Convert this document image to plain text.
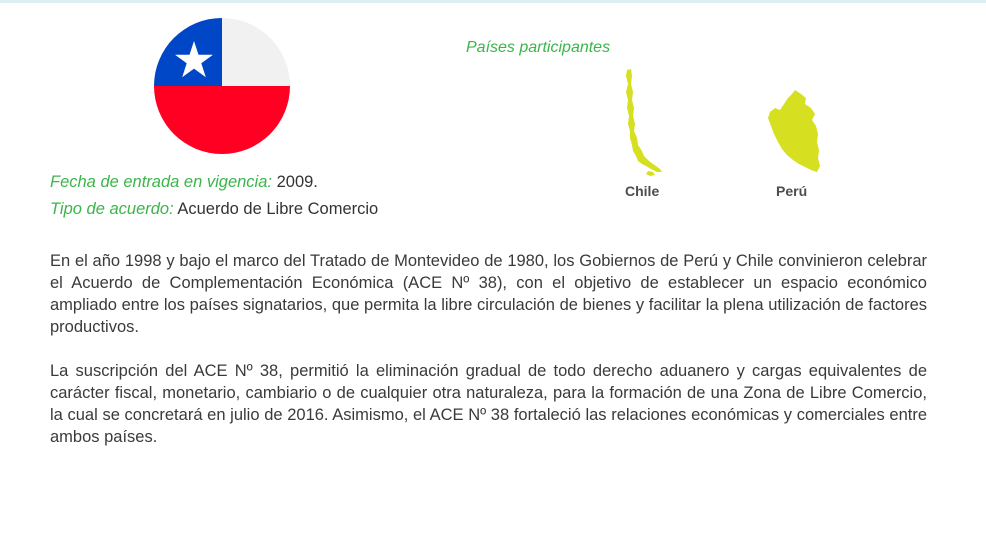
Fecha de entrada en vigencia: 2009.
Tipo de acuerdo: Acuerdo de Libre Comercio
Países participantes
Chile	Perú

En el año 1998 y bajo el marco del Tratado de Montevideo de 1980, los Gobiernos de Perú y Chile convinieron celebrar el Acuerdo de Complementación Económica (ACE Nº 38), con el objetivo de establecer un espacio económico ampliado entre los países signatarios, que permita la libre circulación de bienes y facilitar la plena utilización de factores productivos.

La suscripción del ACE Nº 38, permitió la eliminación gradual de todo derecho aduanero y cargas equivalentes de carácter fiscal, monetario, cambiario o de cualquier otra naturaleza, para la formación de una Zona de Libre Comercio, la cual se concretará en julio de 2016. Asimismo, el ACE Nº 38 fortaleció las relaciones económicas y comerciales entre ambos países.
